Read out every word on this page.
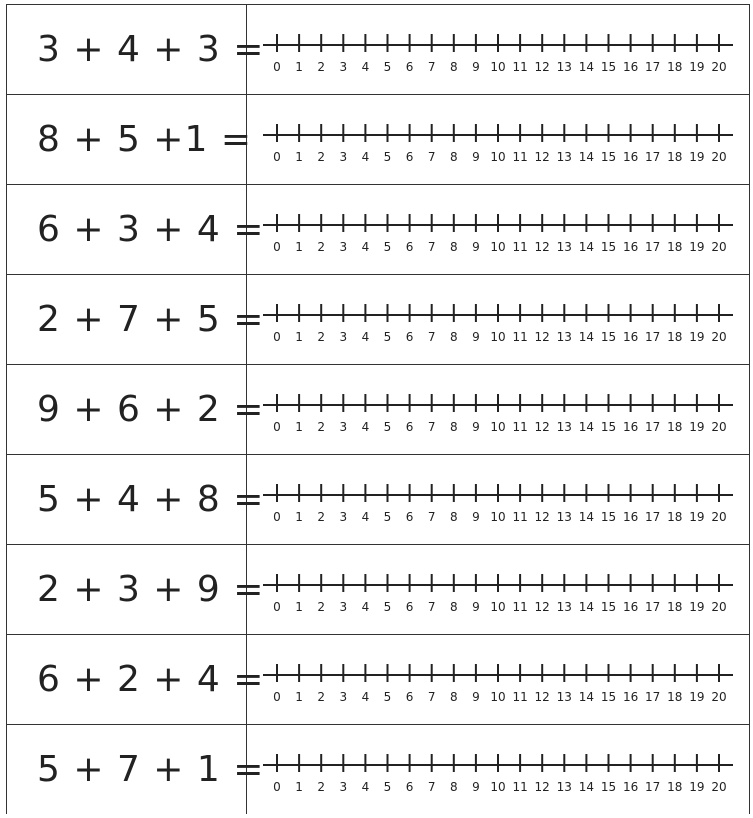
3 + 4 + 3 = 0 1 2 3 4 5 6 7 8 9 10 11 12 13 14 15 16 17 18 19 20
8 + 5 +1 = 0 1 2 3 4 5 6 7 8 9 10 11 12 13 14 15 16 17 18 19 20
6 + 3 + 4 = 0 1 2 3 4 5 6 7 8 9 10 11 12 13 14 15 16 17 18 19 20
2 + 7 + 5 = 0 1 2 3 4 5 6 7 8 9 10 11 12 13 14 15 16 17 18 19 20
9 + 6 + 2 = 0 1 2 3 4 5 6 7 8 9 10 11 12 13 14 15 16 17 18 19 20
5 + 4 + 8 = 0 1 2 3 4 5 6 7 8 9 10 11 12 13 14 15 16 17 18 19 20
2 + 3 + 9 = 0 1 2 3 4 5 6 7 8 9 10 11 12 13 14 15 16 17 18 19 20
6 + 2 + 4 = 0 1 2 3 4 5 6 7 8 9 10 11 12 13 14 15 16 17 18 19 20
5 + 7 + 1 = 0 1 2 3 4 5 6 7 8 9 10 11 12 13 14 15 16 17 18 19 20
